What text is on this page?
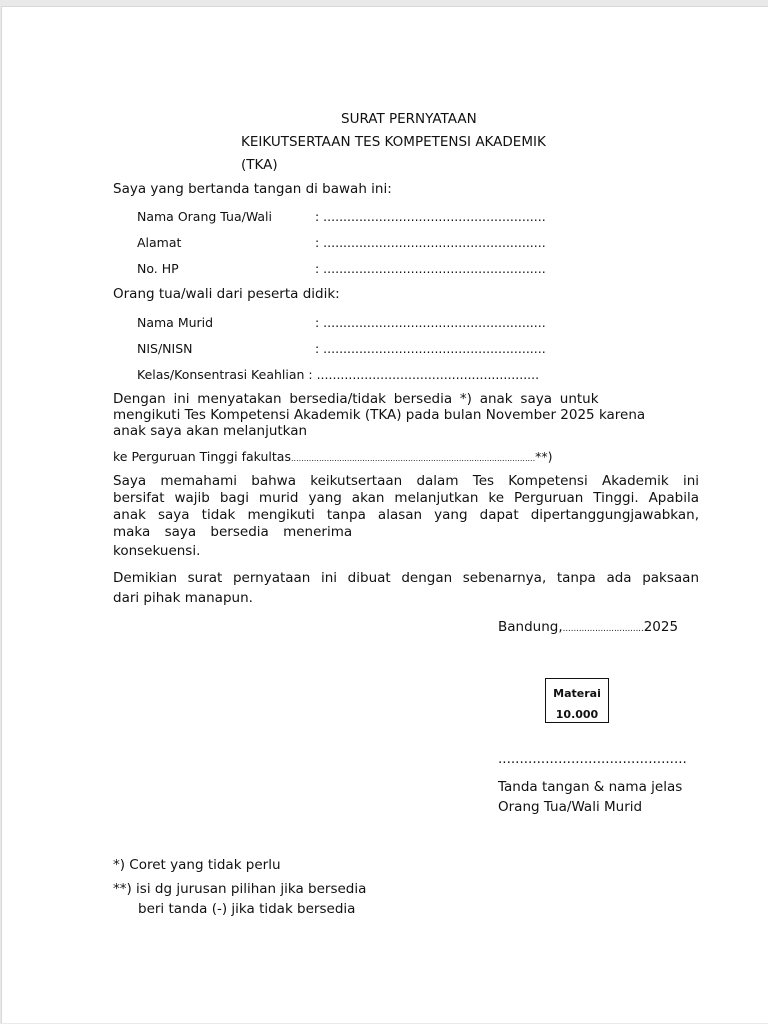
SURAT PERNYATAAN
KEIKUTSERTAAN TES KOMPETENSI AKADEMIK
(TKA)
Saya yang bertanda tangan di bawah ini:
Nama Orang Tua/Wali	: ........................................................
Alamat	: ........................................................
No. HP	: ........................................................
Orang tua/wali dari peserta didik:
Nama Murid	: ........................................................
NIS/NISN	: ........................................................
Kelas/Konsentrasi Keahlian : ........................................................
Dengan ini menyatakan bersedia/tidak bersedia *) anak saya untuk
mengikuti Tes Kompetensi Akademik (TKA) pada bulan November 2025 karena
anak saya akan melanjutkan
ke Perguruan Tinggi fakultas................................................................................................**)
Saya memahami bahwa keikutsertaan dalam Tes Kompetensi Akademik ini
bersifat wajib bagi murid yang akan melanjutkan ke Perguruan Tinggi. Apabila
anak saya tidak mengikuti tanpa alasan yang dapat dipertanggungjawabkan,
maka saya bersedia menerima
konsekuensi.
Demikian surat pernyataan ini dibuat dengan sebenarnya, tanpa ada paksaan
dari pihak manapun.
Bandung,..............................2025
Materai
10.000
............................................
Tanda tangan & nama jelas
Orang Tua/Wali Murid
*) Coret yang tidak perlu
**) isi dg jurusan pilihan jika bersedia
beri tanda (-) jika tidak bersedia
